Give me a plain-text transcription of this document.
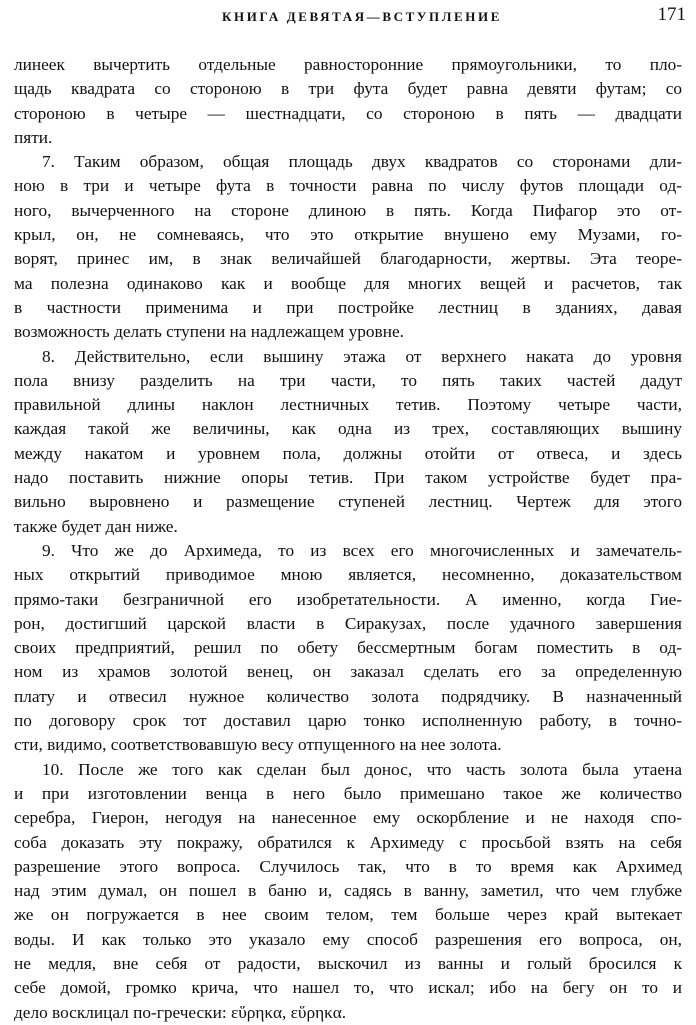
КНИГА ДЕВЯТАЯ—ВСТУПЛЕНИЕ	171
линеек вычертить отдельные равносторонние прямоугольники, то пло-
щадь квадрата со стороною в три фута будет равна девяти футам; со
стороною в четыре — шестнадцати, со стороною в пять — двадцати
пяти.
7. Таким образом, общая площадь двух квадратов со сторонами дли-
ною в три и четыре фута в точности равна по числу футов площади од-
ного, вычерченного на стороне длиною в пять. Когда Пифагор это от-
крыл, он, не сомневаясь, что это открытие внушено ему Музами, го-
ворят, принес им, в знак величайшей благодарности, жертвы. Эта теоре-
ма полезна одинаково как и вообще для многих вещей и расчетов, так
в частности применима и при постройке лестниц в зданиях, давая
возможность делать ступени на надлежащем уровне.
8. Действительно, если вышину этажа от верхнего наката до уровня
пола внизу разделить на три части, то пять таких частей дадут
правильной длины наклон лестничных тетив. Поэтому четыре части,
каждая такой же величины, как одна из трех, составляющих вышину
между накатом и уровнем пола, должны отойти от отвеса, и здесь
надо поставить нижние опоры тетив. При таком устройстве будет пра-
вильно выровнено и размещение ступеней лестниц. Чертеж для этого
также будет дан ниже.
9. Что же до Архимеда, то из всех его многочисленных и замечатель-
ных открытий приводимое мною является, несомненно, доказательством
прямо-таки безграничной его изобретательности. А именно, когда Гие-
рон, достигший царской власти в Сиракузах, после удачного завершения
своих предприятий, решил по обету бессмертным богам поместить в од-
ном из храмов золотой венец, он заказал сделать его за определенную
плату и отвесил нужное количество золота подрядчику. В назначенный
по договору срок тот доставил царю тонко исполненную работу, в точно-
сти, видимо, соответствовавшую весу отпущенного на нее золота.
10. После же того как сделан был донос, что часть золота была утаена
и при изготовлении венца в него было примешано такое же количество
серебра, Гиерон, негодуя на нанесенное ему оскорбление и не находя спо-
соба доказать эту покражу, обратился к Архимеду с просьбой взять на себя
разрешение этого вопроса. Случилось так, что в то время как Архимед
над этим думал, он пошел в баню и, садясь в ванну, заметил, что чем глубже
же он погружается в нее своим телом, тем больше через край вытекает
воды. И как только это указало ему способ разрешения его вопроса, он,
не медля, вне себя от радости, выскочил из ванны и голый бросился к
себе домой, громко крича, что нашел то, что искал; ибо на бегу он то и
дело восклицал по-гречески: εὕρηκα, εὕρηκα.
